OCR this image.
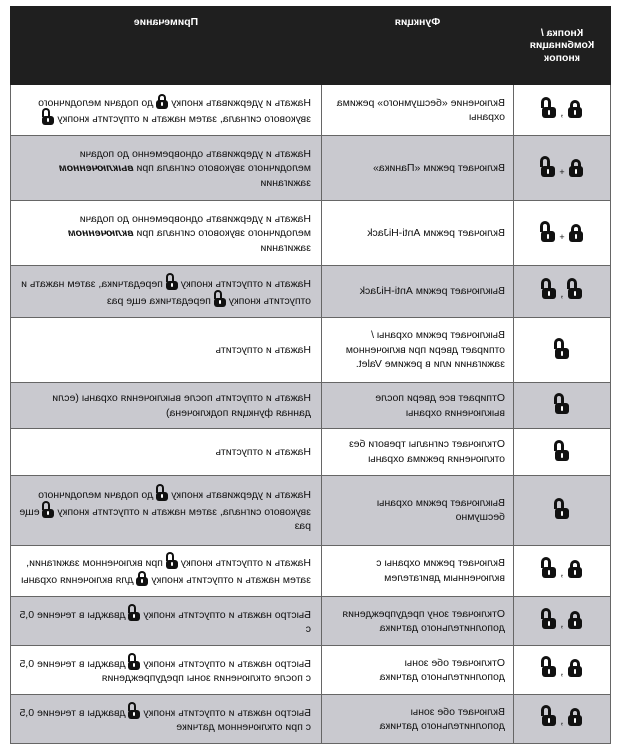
Кнопка / Комбинация кнопок	Функция	Примечание

,	Включение «бесшумного» режима охраны	Нажать и удерживать кнопку
до подачи мелодичного звукового сигнала, затем нажать и отпустить кнопку

+	Включает режим «Паника»	Нажать и удерживать одновременно до подачи мелодичного звукового сигнала при выключенном зажигании

+	Включает режим Anti-HiJack	Нажать и удерживать одновременно до подачи мелодичного звукового сигнала при включенном зажигании

,	Выключает режим Anti-HiJack	Нажать и отпустить кнопку
передатчика, затем нажать и отпустить кнопку
передатчика еще раз

	Выключает режим охраны / отпирает двери при включенном зажигании или в режиме Valet.	Нажать и отпустить

	Отпирает все двери после выключения охраны	Нажать и отпустить после выключения охраны (если данная функция подключена)

	Отключает сигналы тревоги без отключения режима охраны	Нажать и отпустить

	Выключает режим охраны бесшумно	Нажать и удерживать кнопку
до подачи мелодичного звукового сигнала, затем нажать и отпустить кнопку
еще раз

,	Включает режим охраны с включенным двигателем	Нажать и отпустить кнопку
при включенном зажигании, затем нажать и отпустить кнопку
для включения охраны

,	Отключает зону предупреждения дополнительного датчика	Быстро нажать и отпустить кнопку
дважды в течение 0,5 с

,	Отключает обе зоны дополнительного датчика	Быстро нажать и отпустить кнопку
дважды в течение 0,5 с после отключения зоны предупреждения

,	Включает обе зоны дополнительного датчика	Быстро нажать и отпустить кнопку
дважды в течение 0,5 с при отключенном датчике
